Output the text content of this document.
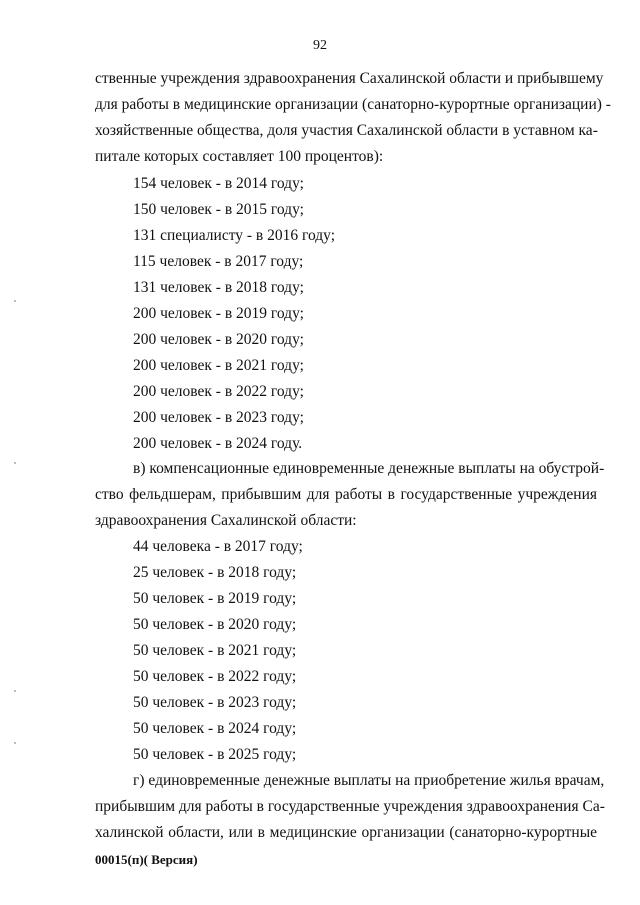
92
ственные учреждения здравоохранения Сахалинской области и прибывшему
для работы в медицинские организации (санаторно-курортные организации) -
хозяйственные общества, доля участия Сахалинской области в уставном ка-
питале которых составляет 100 процентов):
154 человек - в 2014 году;
150 человек - в 2015 году;
131 специалисту - в 2016 году;
115 человек - в 2017 году;
131 человек - в 2018 году;
200 человек - в 2019 году;
200 человек - в 2020 году;
200 человек - в 2021 году;
200 человек - в 2022 году;
200 человек - в 2023 году;
200 человек - в 2024 году.
в) компенсационные единовременные денежные выплаты на обустрой-
ство фельдшерам, прибывшим для работы в государственные учреждения
здравоохранения Сахалинской области:
44 человека - в 2017 году;
25 человек - в 2018 году;
50 человек - в 2019 году;
50 человек - в 2020 году;
50 человек - в 2021 году;
50 человек - в 2022 году;
50 человек - в 2023 году;
50 человек - в 2024 году;
50 человек - в 2025 году;
г) единовременные денежные выплаты на приобретение жилья врачам,
прибывшим для работы в государственные учреждения здравоохранения Са-
халинской области, или в медицинские организации (санаторно-курортные
00015(п)( Версия)
